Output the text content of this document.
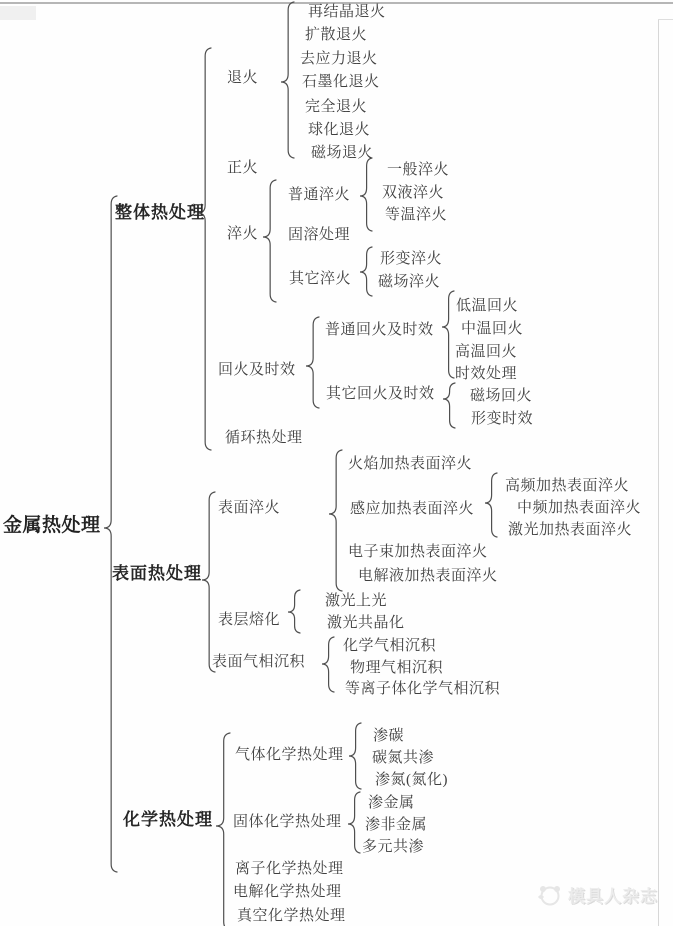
金属热处理
整体热处理
表面热处理
化学热处理
退火
正火
淬火
回火及时效
循环热处理
再结晶退火
扩散退火
去应力退火
石墨化退火
完全退火
球化退火
磁场退火
普通淬火
固溶处理
其它淬火
一般淬火
双液淬火
等温淬火
形变淬火
磁场淬火
普通回火及时效
其它回火及时效
低温回火
中温回火
高温回火
时效处理
磁场回火
形变时效
表面淬火
表层熔化
表面气相沉积
火焰加热表面淬火
感应加热表面淬火
电子束加热表面淬火
电解液加热表面淬火
高频加热表面淬火
中频加热表面淬火
激光加热表面淬火
激光上光
激光共晶化
化学气相沉积
物理气相沉积
等离子体化学气相沉积
气体化学热处理
固体化学热处理
离子化学热处理
电解化学热处理
真空化学热处理
渗碳
碳氮共渗
渗氮(氮化)
渗金属
渗非金属
多元共渗
模具人杂志
